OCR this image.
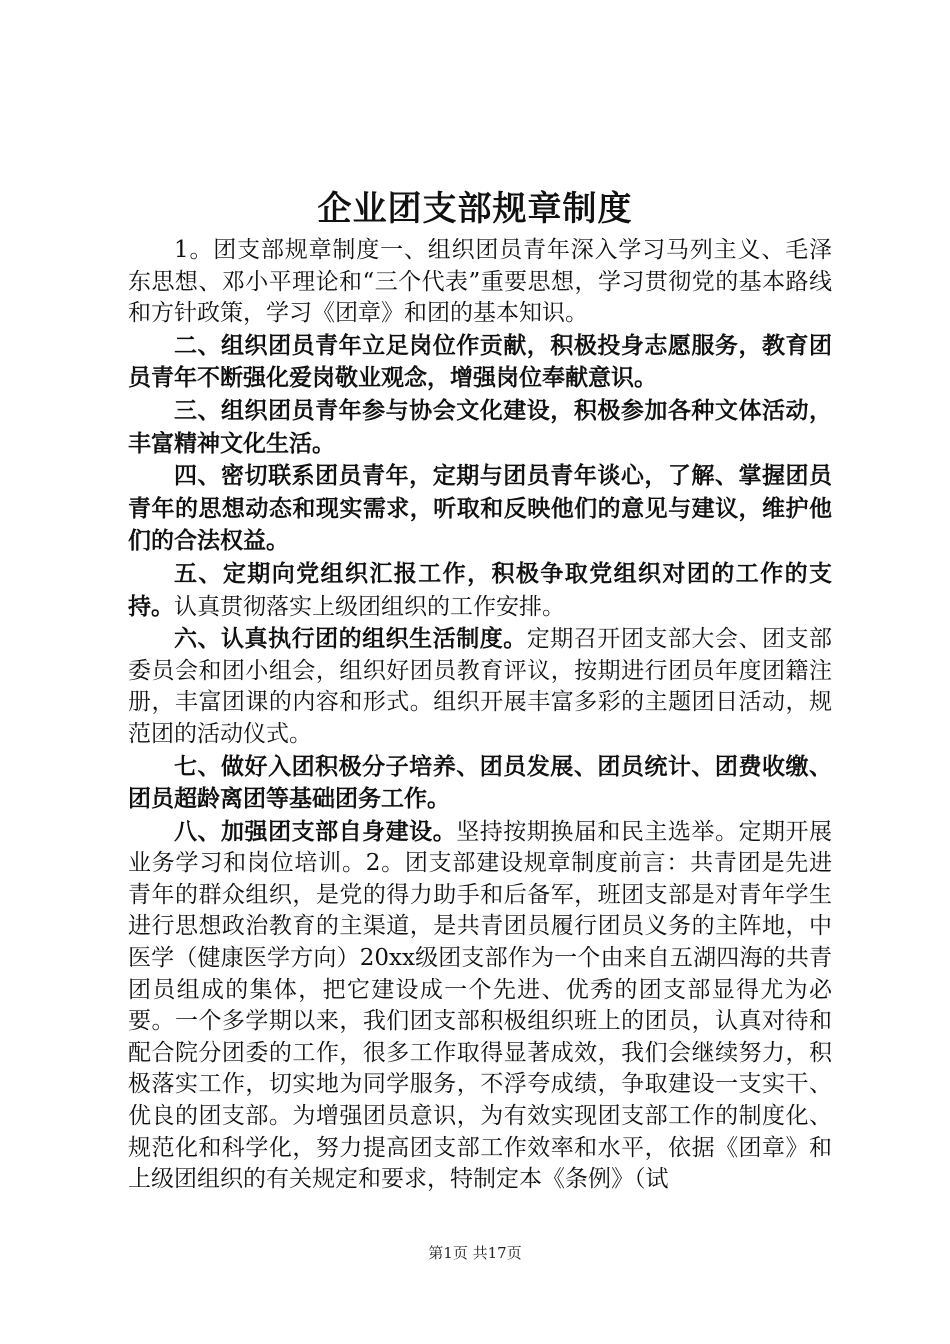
企业团支部规章制度

1。团支部规章制度一、组织团员青年深入学习马列主义、毛泽东思想、邓小平理论和“三个代表”重要思想，学习贯彻党的基本路线和方针政策，学习《团章》和团的基本知识。

二、组织团员青年立足岗位作贡献，积极投身志愿服务，教育团员青年不断强化爱岗敬业观念，增强岗位奉献意识。

三、组织团员青年参与协会文化建设，积极参加各种文体活动，丰富精神文化生活。

四、密切联系团员青年，定期与团员青年谈心，了解、掌握团员青年的思想动态和现实需求，听取和反映他们的意见与建议，维护他们的合法权益。

五、定期向党组织汇报工作，积极争取党组织对团的工作的支持。认真贯彻落实上级团组织的工作安排。

六、认真执行团的组织生活制度。定期召开团支部大会、团支部委员会和团小组会，组织好团员教育评议，按期进行团员年度团籍注册，丰富团课的内容和形式。组织开展丰富多彩的主题团日活动，规范团的活动仪式。

七、做好入团积极分子培养、团员发展、团员统计、团费收缴、团员超龄离团等基础团务工作。

八、加强团支部自身建设。坚持按期换届和民主选举。定期开展业务学习和岗位培训。2。团支部建设规章制度前言：共青团是先进青年的群众组织，是党的得力助手和后备军，班团支部是对青年学生进行思想政治教育的主渠道，是共青团员履行团员义务的主阵地，中医学（健康医学方向）20xx级团支部作为一个由来自五湖四海的共青团员组成的集体，把它建设成一个先进、优秀的团支部显得尤为必要。一个多学期以来，我们团支部积极组织班上的团员，认真对待和配合院分团委的工作，很多工作取得显著成效，我们会继续努力，积极落实工作，切实地为同学服务，不浮夸成绩，争取建设一支实干、优良的团支部。为增强团员意识，为有效实现团支部工作的制度化、规范化和科学化，努力提高团支部工作效率和水平，依据《团章》和上级团组织的有关规定和要求，特制定本《条例》（试

第1页 共17页
